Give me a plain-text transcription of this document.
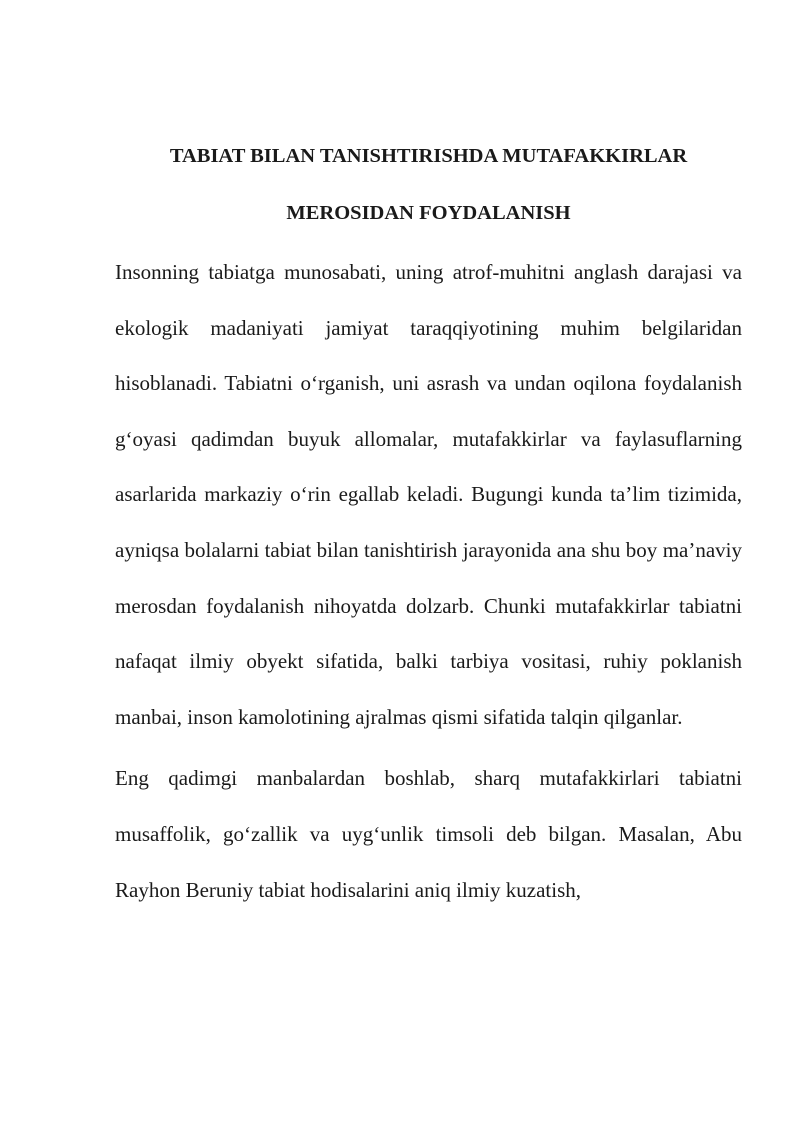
TABIAT BILAN TANISHTIRISHDA MUTAFAKKIRLAR MEROSIDAN FOYDALANISH

Insonning tabiatga munosabati, uning atrof-muhitni anglash darajasi va ekologik madaniyati jamiyat taraqqiyotining muhim belgilaridan hisoblanadi. Tabiatni o‘rganish, uni asrash va undan oqilona foydalanish g‘oyasi qadimdan buyuk allomalar, mutafakkirlar va faylasuflarning asarlarida markaziy o‘rin egallab keladi. Bugungi kunda ta’lim tizimida, ayniqsa bolalarni tabiat bilan tanishtirish jarayonida ana shu boy ma’naviy merosdan foydalanish nihoyatda dolzarb. Chunki mutafakkirlar tabiatni nafaqat ilmiy obyekt sifatida, balki tarbiya vositasi, ruhiy poklanish manbai, inson kamolotining ajralmas qismi sifatida talqin qilganlar.

Eng qadimgi manbalardan boshlab, sharq mutafakkirlari tabiatni musaffolik, go‘zallik va uyg‘unlik timsoli deb bilgan. Masalan, Abu Rayhon Beruniy tabiat hodisalarini aniq ilmiy kuzatish,
